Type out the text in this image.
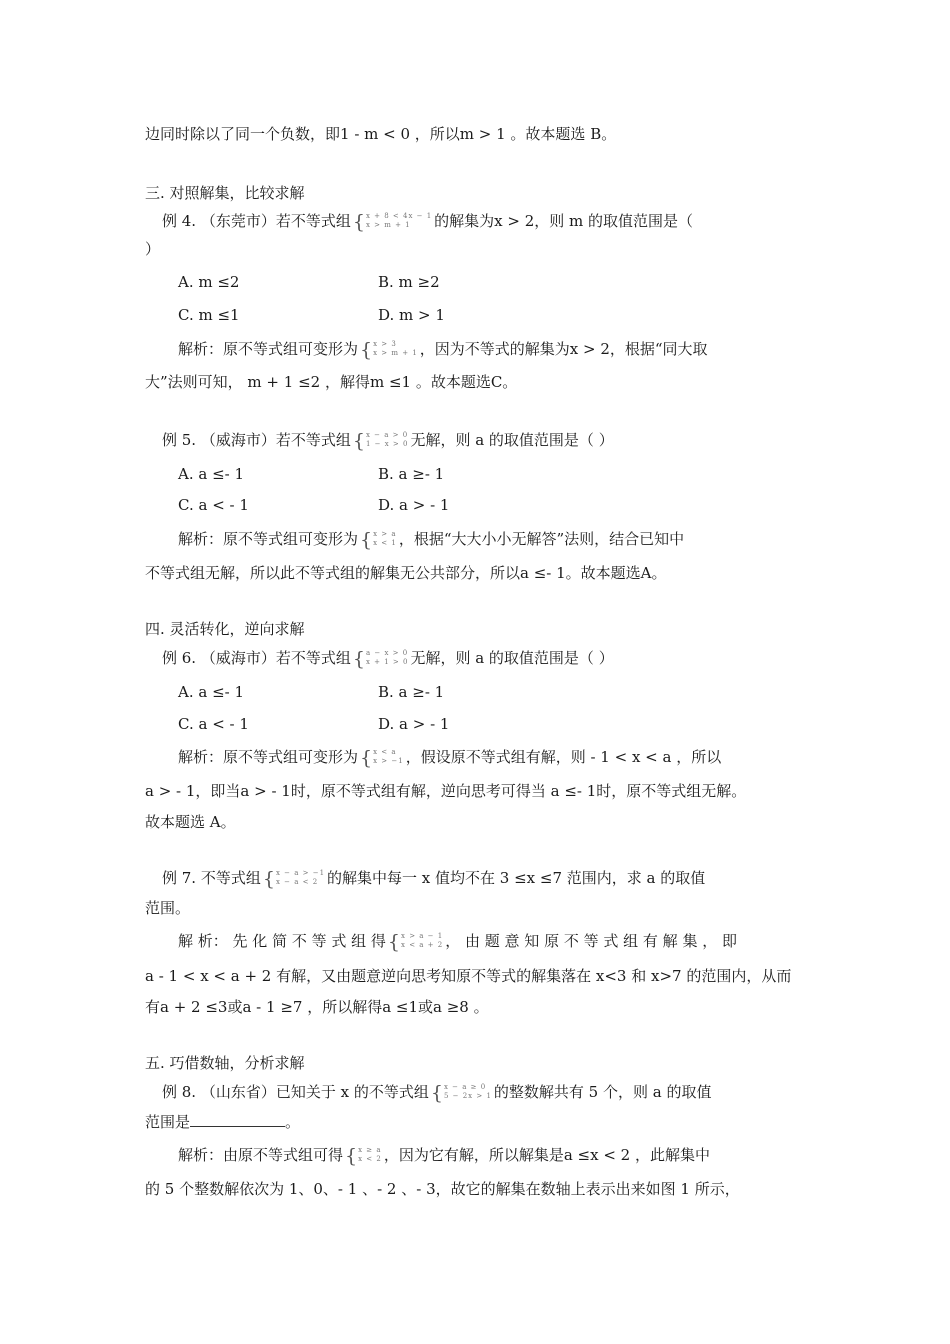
边同时除以了同一个负数，即1 - m < 0 ，所以m > 1 。故本题选 B。
三. 对照解集，比较求解
例 4. （东莞市）若不等式组 {x + 8 < 4x − 1
x > m + 1 的解集为x > 2，则 m 的取值范围是（
）
A. m ≤2	B. m ≥2
C. m ≤1	D. m > 1
解析：原不等式组可变形为 {x > 3
x > m + 1 ，因为不等式的解集为x > 2，根据“同大取
大”法则可知， m + 1 ≤2 ，解得m ≤1 。故本题选C。
例 5. （威海市）若不等式组 {x − a > 0
1 − x > 0 无解，则 a 的取值范围是（ ）
A. a ≤- 1	B. a ≥- 1
C. a < - 1	D. a > - 1
解析：原不等式组可变形为 {x > a
x < 1 ，根据“大大小小无解答”法则，结合已知中
不等式组无解，所以此不等式组的解集无公共部分，所以a ≤- 1。故本题选A。
四. 灵活转化，逆向求解
例 6. （威海市）若不等式组 {a − x > 0
x + 1 > 0 无解，则 a 的取值范围是（ ）
A. a ≤- 1	B. a ≥- 1
C. a < - 1	D. a > - 1
解析：原不等式组可变形为 {x < a
x > −1 ，假设原不等式组有解，则 - 1 < x < a ，所以
a > - 1，即当a > - 1时，原不等式组有解，逆向思考可得当 a ≤- 1时，原不等式组无解。
故本题选 A。
例 7. 不等式组 {x − a > −1
x − a < 2 的解集中每一 x 值均不在 3 ≤x ≤7 范围内，求 a 的取值
范围。
解 析： 先 化 简 不 等 式 组 得 {x > a − 1
x < a + 2 ， 由 题 意 知 原 不 等 式 组 有 解 集 ， 即
a - 1 < x < a + 2 有解，又由题意逆向思考知原不等式的解集落在 x<3 和 x>7 的范围内，从而
有a + 2 ≤3或a - 1 ≥7 ，所以解得a ≤1或a ≥8 。
五. 巧借数轴，分析求解
例 8. （山东省）已知关于 x 的不等式组 {x − a ≥ 0
5 − 2x > 1 的整数解共有 5 个，则 a 的取值
范围是	。
解析：由原不等式组可得 {x ≥ a
x < 2 ，因为它有解，所以解集是a ≤x < 2 ，此解集中
的 5 个整数解依次为 1、0、- 1 、- 2 、- 3，故它的解集在数轴上表示出来如图 1 所示，
